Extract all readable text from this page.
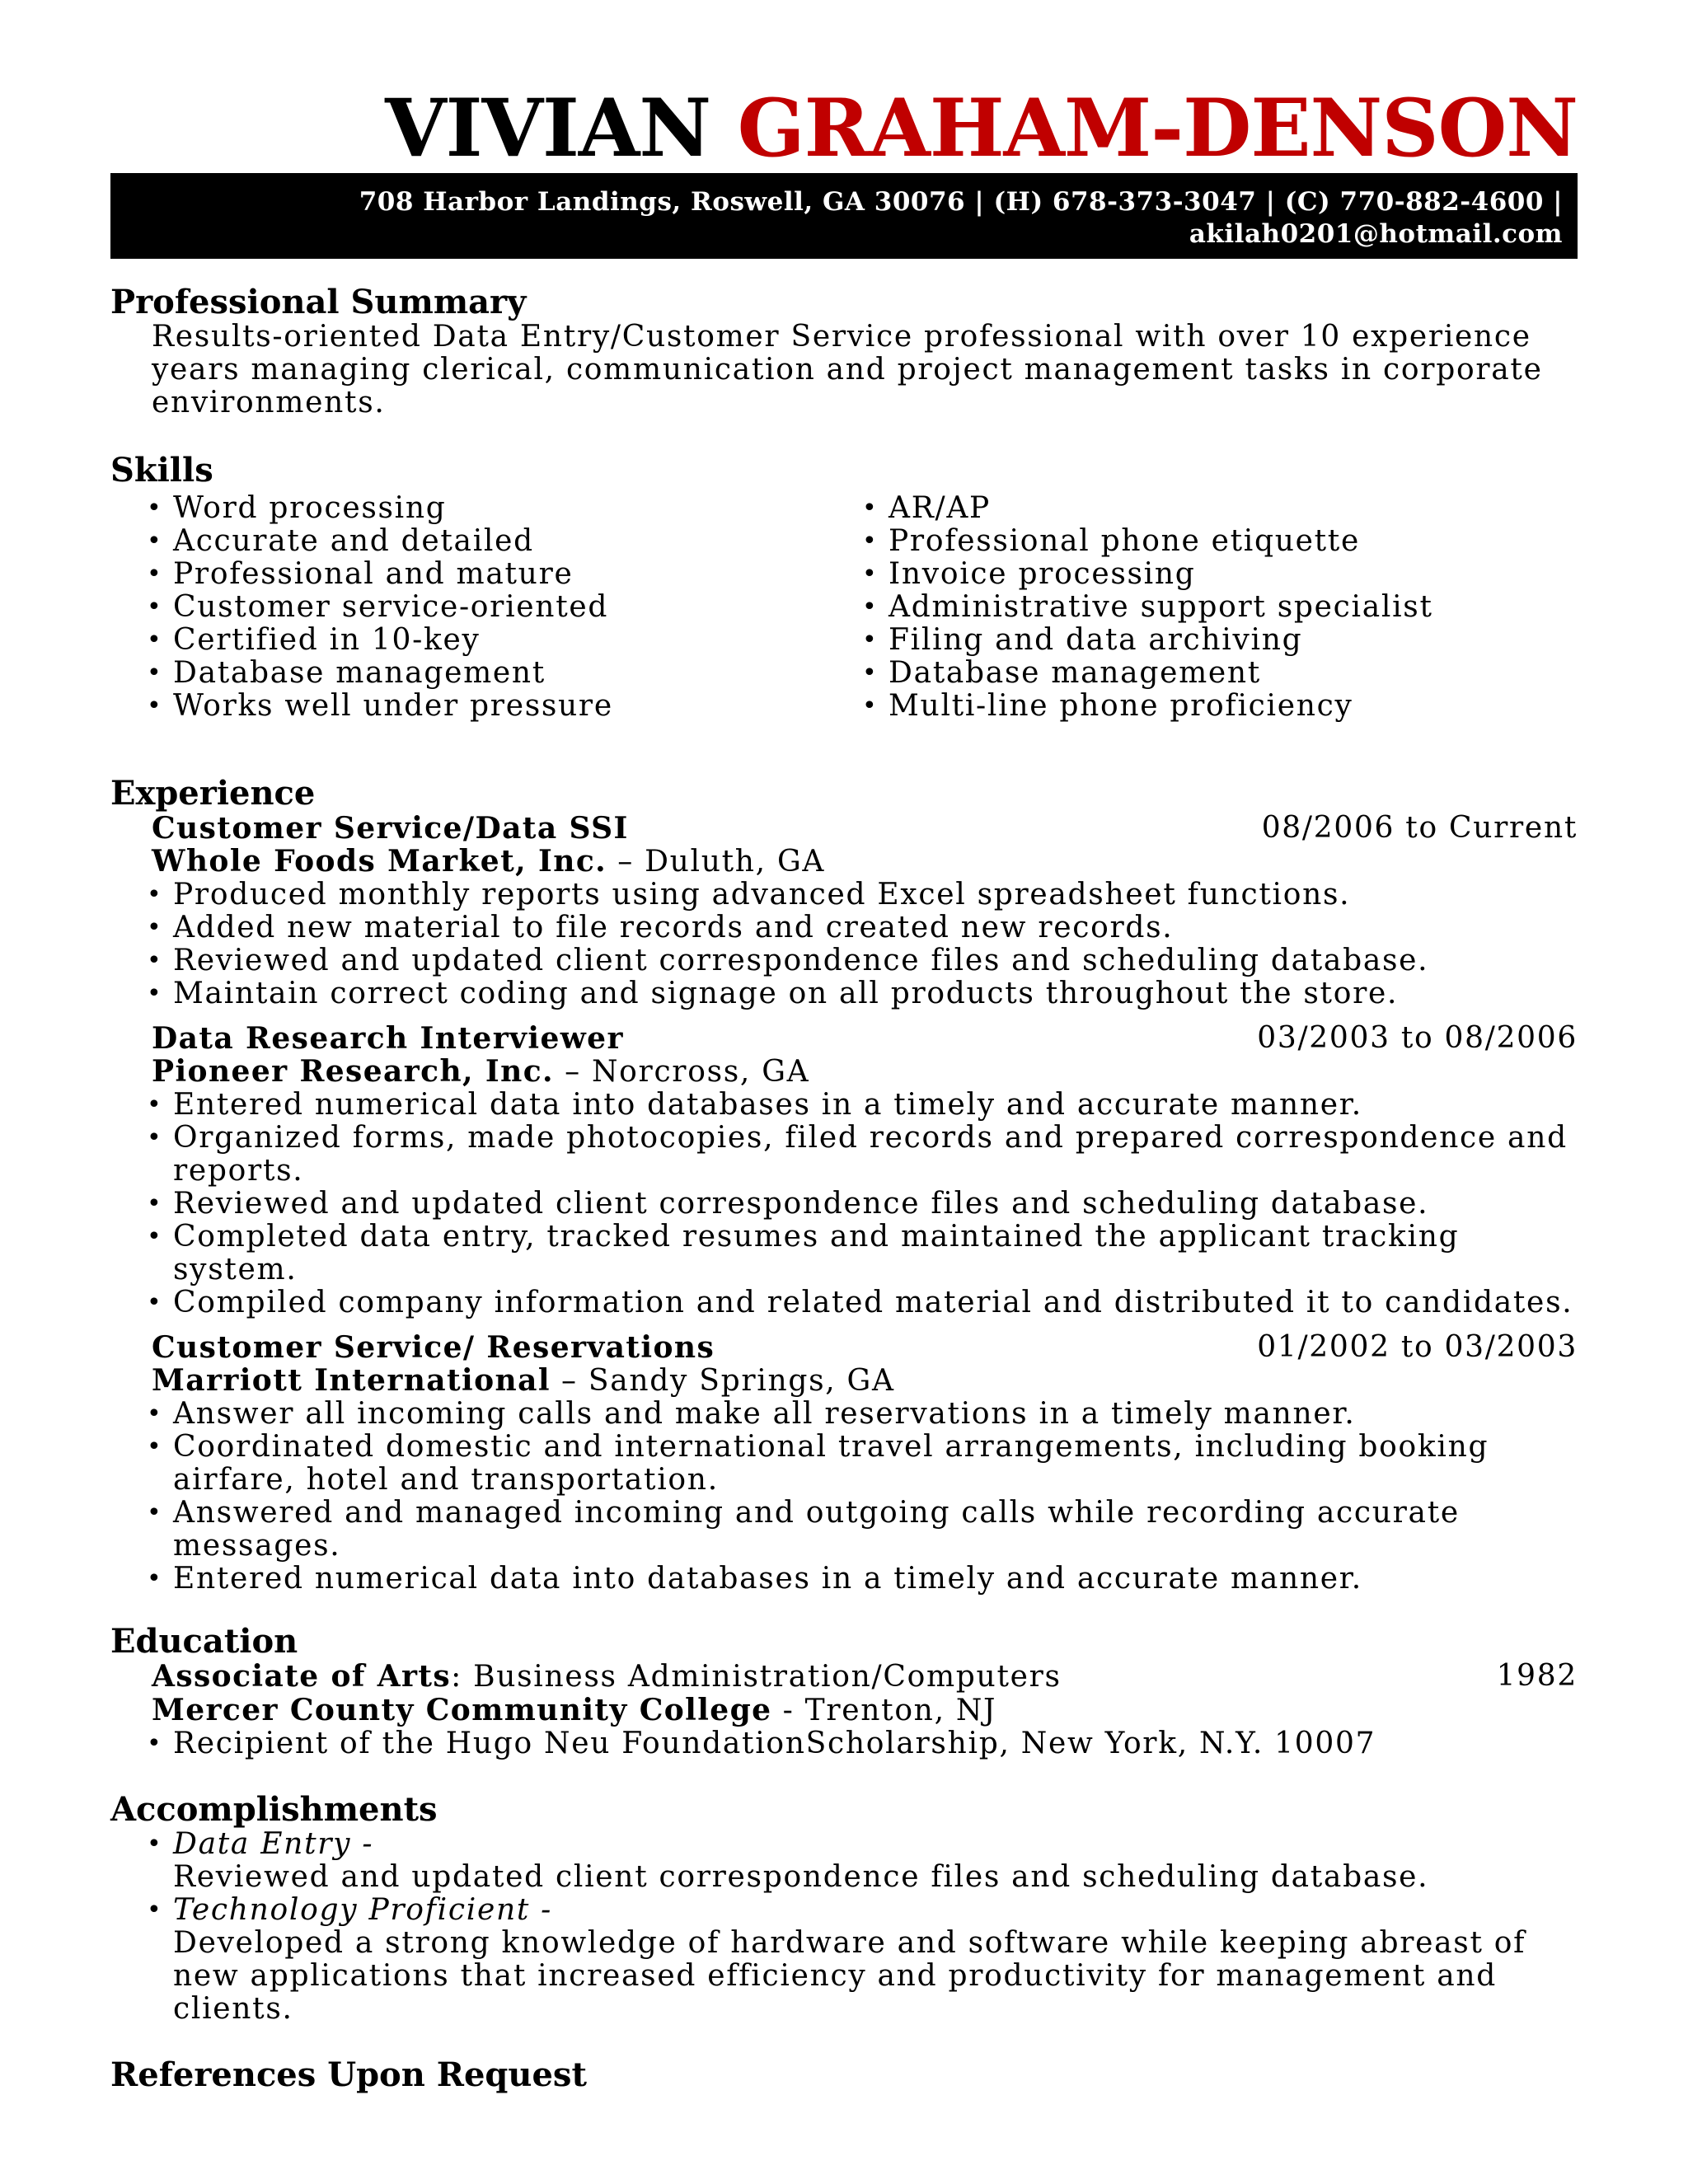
VIVIAN GRAHAM-DENSON
708 Harbor Landings, Roswell, GA 30076 | (H) 678-373-3047 | (C) 770-882-4600 |
akilah0201@hotmail.com
Professional Summary
Results-oriented Data Entry/Customer Service professional with over 10 experience years managing clerical, communication and project management tasks in corporate environments.
Skills
• Word processing
• Accurate and detailed
• Professional and mature
• Customer service-oriented
• Certified in 10-key
• Database management
• Works well under pressure
• AR/AP
• Professional phone etiquette
• Invoice processing
• Administrative support specialist
• Filing and data archiving
• Database management
• Multi-line phone proficiency
Experience
Customer Service/Data SSI	08/2006 to Current
Whole Foods Market, Inc. – Duluth, GA
• Produced monthly reports using advanced Excel spreadsheet functions.
• Added new material to file records and created new records.
• Reviewed and updated client correspondence files and scheduling database.
• Maintain correct coding and signage on all products throughout the store.
Data Research Interviewer	03/2003 to 08/2006
Pioneer Research, Inc. – Norcross, GA
• Entered numerical data into databases in a timely and accurate manner.
• Organized forms, made photocopies, filed records and prepared correspondence and reports.
• Reviewed and updated client correspondence files and scheduling database.
• Completed data entry, tracked resumes and maintained the applicant tracking system.
• Compiled company information and related material and distributed it to candidates.
Customer Service/ Reservations	01/2002 to 03/2003
Marriott International – Sandy Springs, GA
• Answer all incoming calls and make all reservations in a timely manner.
• Coordinated domestic and international travel arrangements, including booking airfare, hotel and transportation.
• Answered and managed incoming and outgoing calls while recording accurate messages.
• Entered numerical data into databases in a timely and accurate manner.
Education
Associate of Arts: Business Administration/Computers	1982
Mercer County Community College - Trenton, NJ
• Recipient of the Hugo Neu FoundationScholarship, New York, N.Y. 10007
Accomplishments
• Data Entry -
Reviewed and updated client correspondence files and scheduling database.
• Technology Proficient -
Developed a strong knowledge of hardware and software while keeping abreast of new applications that increased efficiency and productivity for management and clients.
References Upon Request
